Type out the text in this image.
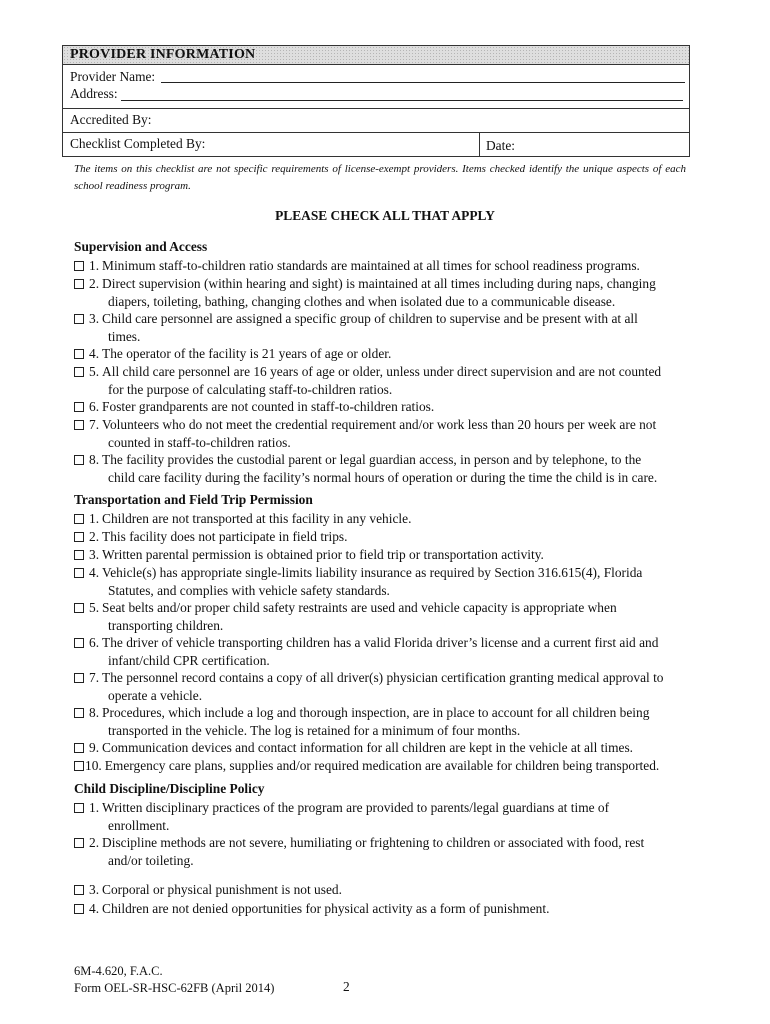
PROVIDER INFORMATION
Provider Name:
Address:
Accredited By:
Checklist Completed By:	Date:
The items on this checklist are not specific requirements of license-exempt providers. Items checked identify the unique aspects of each school readiness program.
PLEASE CHECK ALL THAT APPLY
Supervision and Access
1. Minimum staff-to-children ratio standards are maintained at all times for school readiness programs.
2. Direct supervision (within hearing and sight) is maintained at all times including during naps, changing
diapers, toileting, bathing, changing clothes and when isolated due to a communicable disease.
3. Child care personnel are assigned a specific group of children to supervise and be present with at all
times.
4. The operator of the facility is 21 years of age or older.
5. All child care personnel are 16 years of age or older, unless under direct supervision and are not counted
for the purpose of calculating staff-to-children ratios.
6. Foster grandparents are not counted in staff-to-children ratios.
7. Volunteers who do not meet the credential requirement and/or work less than 20 hours per week are not
counted in staff-to-children ratios.
8. The facility provides the custodial parent or legal guardian access, in person and by telephone, to the
child care facility during the facility’s normal hours of operation or during the time the child is in care.
Transportation and Field Trip Permission
1. Children are not transported at this facility in any vehicle.
2. This facility does not participate in field trips.
3. Written parental permission is obtained prior to field trip or transportation activity.
4. Vehicle(s) has appropriate single-limits liability insurance as required by Section 316.615(4), Florida
Statutes, and complies with vehicle safety standards.
5. Seat belts and/or proper child safety restraints are used and vehicle capacity is appropriate when
transporting children.
6. The driver of vehicle transporting children has a valid Florida driver’s license and a current first aid and
infant/child CPR certification.
7. The personnel record contains a copy of all driver(s) physician certification granting medical approval to
operate a vehicle.
8. Procedures, which include a log and thorough inspection, are in place to account for all children being
transported in the vehicle. The log is retained for a minimum of four months.
9. Communication devices and contact information for all children are kept in the vehicle at all times.
10. Emergency care plans, supplies and/or required medication are available for children being transported.
Child Discipline/Discipline Policy
1. Written disciplinary practices of the program are provided to parents/legal guardians at time of
enrollment.
2. Discipline methods are not severe, humiliating or frightening to children or associated with food, rest
and/or toileting.
3. Corporal or physical punishment is not used.
4. Children are not denied opportunities for physical activity as a form of punishment.
6M-4.620, F.A.C.
Form OEL-SR-HSC-62FB (April 2014)	2
